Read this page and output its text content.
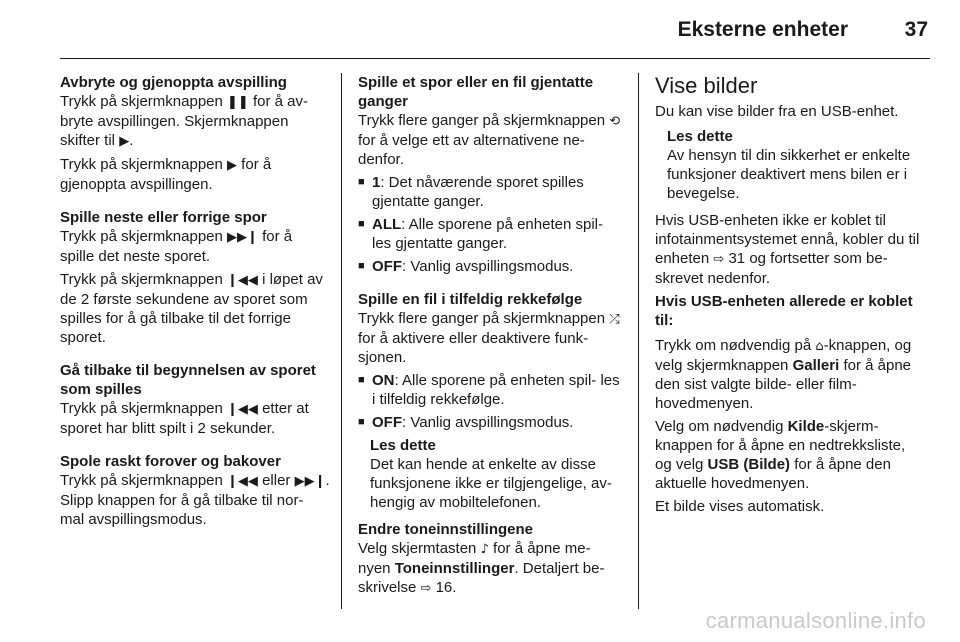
Eksterne enheter	37
Avbryte og gjenoppta avspilling
Trykk på skjermknappen ❚❚ for å av- bryte avspillingen. Skjermknappen skifter til ▶.
Trykk på skjermknappen ▶ for å gjenoppta avspillingen.
Spille neste eller forrige spor
Trykk på skjermknappen ▶▶❙ for å spille det neste sporet.
Trykk på skjermknappen ❙◀◀ i løpet av de 2 første sekundene av sporet som spilles for å gå tilbake til det forrige sporet.
Gå tilbake til begynnelsen av sporet som spilles
Trykk på skjermknappen ❙◀◀ etter at sporet har blitt spilt i 2 sekunder.
Spole raskt forover og bakover
Trykk på skjermknappen ❙◀◀ eller ▶▶❙. Slipp knappen for å gå tilbake til nor- mal avspillingsmodus.
Spille et spor eller en fil gjentatte ganger
Trykk flere ganger på skjermknappen ⟲ for å velge ett av alternativene ne- denfor.
■ 1: Det nåværende sporet spilles gjentatte ganger.
■ ALL: Alle sporene på enheten spil- les gjentatte ganger.
■ OFF: Vanlig avspillingsmodus.
Spille en fil i tilfeldig rekkefølge
Trykk flere ganger på skjermknappen ⤮ for å aktivere eller deaktivere funk- sjonen.
■ ON: Alle sporene på enheten spil- les i tilfeldig rekkefølge.
■ OFF: Vanlig avspillingsmodus.
Les dette
Det kan hende at enkelte av disse funksjonene ikke er tilgjengelige, av- hengig av mobiltelefonen.
Endre toneinnstillingene
Velg skjermtasten ♪ for å åpne me- nyen Toneinnstillinger. Detaljert be- skrivelse ⇨ 16.
Vise bilder
Du kan vise bilder fra en USB-enhet.
Les dette
Av hensyn til din sikkerhet er enkelte funksjoner deaktivert mens bilen er i bevegelse.
Hvis USB-enheten ikke er koblet til infotainmentsystemet ennå, kobler du til enheten ⇨ 31 og fortsetter som be- skrevet nedenfor.
Hvis USB-enheten allerede er koblet til:
Trykk om nødvendig på ⌂-knappen, og velg skjermknappen Galleri for å åpne den sist valgte bilde- eller film- hovedmenyen.
Velg om nødvendig Kilde-skjerm- knappen for å åpne en nedtrekksliste, og velg USB (Bilde) for å åpne den aktuelle hovedmenyen.
Et bilde vises automatisk.
carmanualsonline.info
